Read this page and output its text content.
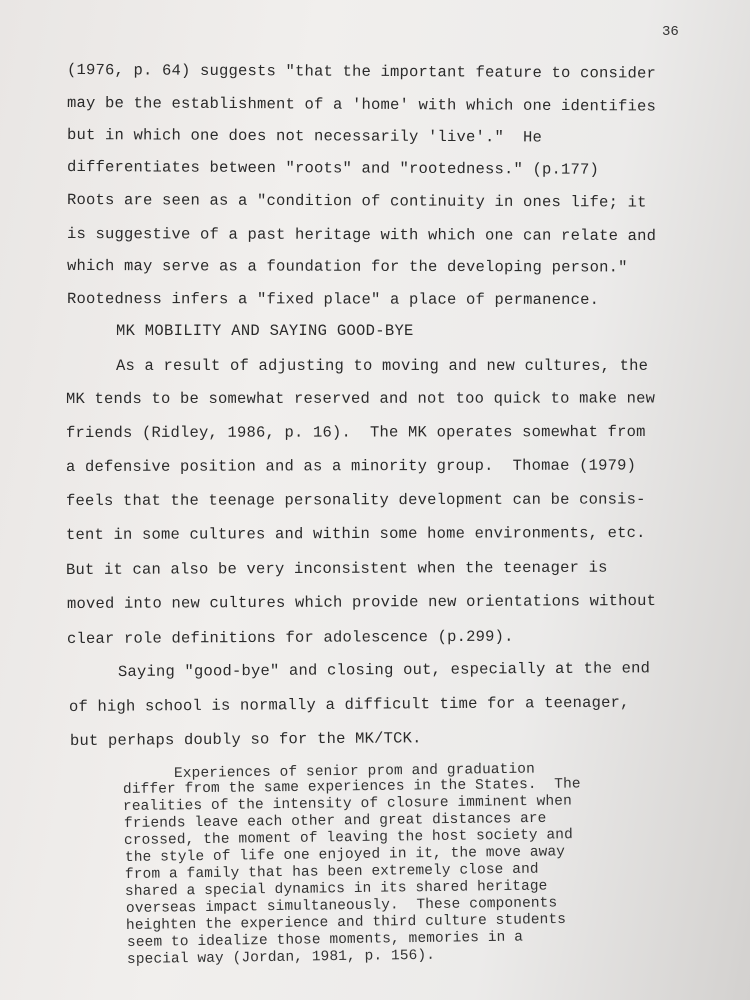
36
(1976, p. 64) suggests "that the important feature to consider
may be the establishment of a 'home' with which one identifies
but in which one does not necessarily 'live'."  He
differentiates between "roots" and "rootedness." (p.177)
Roots are seen as a "condition of continuity in ones life; it
is suggestive of a past heritage with which one can relate and
which may serve as a foundation for the developing person."
Rootedness infers a "fixed place" a place of permanence.
MK MOBILITY AND SAYING GOOD-BYE
As a result of adjusting to moving and new cultures, the
MK tends to be somewhat reserved and not too quick to make new
friends (Ridley, 1986, p. 16).  The MK operates somewhat from
a defensive position and as a minority group.  Thomae (1979)
feels that the teenage personality development can be consis-
tent in some cultures and within some home environments, etc.
But it can also be very inconsistent when the teenager is
moved into new cultures which provide new orientations without
clear role definitions for adolescence (p.299).
Saying "good-bye" and closing out, especially at the end
of high school is normally a difficult time for a teenager,
but perhaps doubly so for the MK/TCK.
Experiences of senior prom and graduation
differ from the same experiences in the States.  The
realities of the intensity of closure imminent when
friends leave each other and great distances are
crossed, the moment of leaving the host society and
the style of life one enjoyed in it, the move away
from a family that has been extremely close and
shared a special dynamics in its shared heritage
overseas impact simultaneously.  These components
heighten the experience and third culture students
seem to idealize those moments, memories in a
special way (Jordan, 1981, p. 156).
